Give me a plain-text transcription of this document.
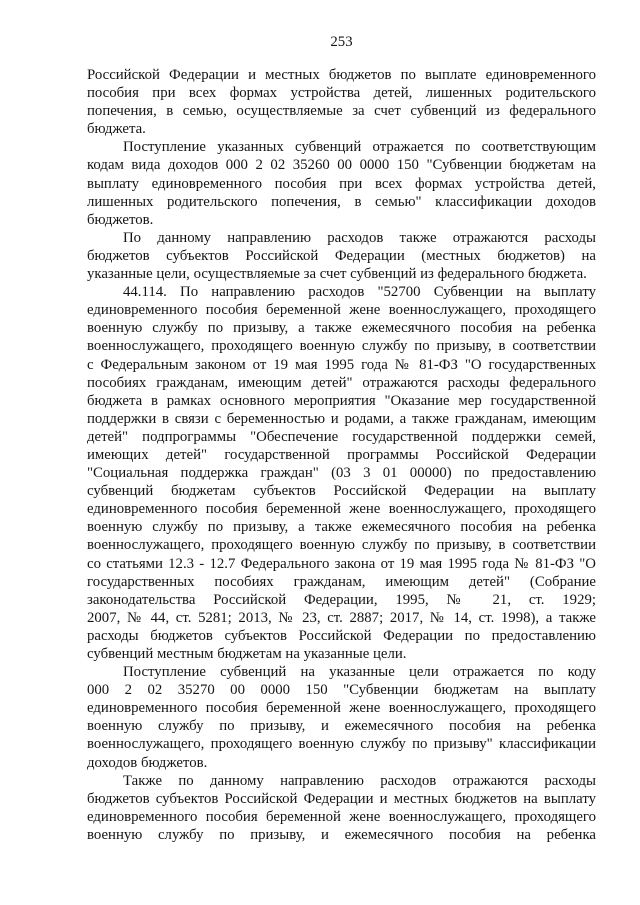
253
Российской Федерации и местных бюджетов по выплате единовременного
пособия при всех формах устройства детей, лишенных родительского
попечения, в семью, осуществляемые за счет субвенций из федерального
бюджета.
Поступление указанных субвенций отражается по соответствующим
кодам вида доходов 000 2 02 35260 00 0000 150 "Субвенции бюджетам на
выплату единовременного пособия при всех формах устройства детей,
лишенных родительского попечения, в семью" классификации доходов
бюджетов.
По данному направлению расходов также отражаются расходы
бюджетов субъектов Российской Федерации (местных бюджетов) на
указанные цели, осуществляемые за счет субвенций из федерального бюджета.
44.114. По направлению расходов "52700 Субвенции на выплату
единовременного пособия беременной жене военнослужащего, проходящего
военную службу по призыву, а также ежемесячного пособия на ребенка
военнослужащего, проходящего военную службу по призыву, в соответствии
с Федеральным законом от 19 мая 1995 года № 81-ФЗ "О государственных
пособиях гражданам, имеющим детей" отражаются расходы федерального
бюджета в рамках основного мероприятия "Оказание мер государственной
поддержки в связи с беременностью и родами, а также гражданам, имеющим
детей" подпрограммы "Обеспечение государственной поддержки семей,
имеющих детей" государственной программы Российской Федерации
"Социальная поддержка граждан" (03 3 01 00000) по предоставлению
субвенций бюджетам субъектов Российской Федерации на выплату
единовременного пособия беременной жене военнослужащего, проходящего
военную службу по призыву, а также ежемесячного пособия на ребенка
военнослужащего, проходящего военную службу по призыву, в соответствии
со статьями 12.3 - 12.7 Федерального закона от 19 мая 1995 года № 81-ФЗ "О
государственных пособиях гражданам, имеющим детей" (Собрание
законодательства Российской Федерации, 1995, № 21, ст. 1929;
2007, № 44, ст. 5281; 2013, № 23, ст. 2887; 2017, № 14, ст. 1998), а также
расходы бюджетов субъектов Российской Федерации по предоставлению
субвенций местным бюджетам на указанные цели.
Поступление субвенций на указанные цели отражается по коду
000 2 02 35270 00 0000 150 "Субвенции бюджетам на выплату
единовременного пособия беременной жене военнослужащего, проходящего
военную службу по призыву, и ежемесячного пособия на ребенка
военнослужащего, проходящего военную службу по призыву" классификации
доходов бюджетов.
Также по данному направлению расходов отражаются расходы
бюджетов субъектов Российской Федерации и местных бюджетов на выплату
единовременного пособия беременной жене военнослужащего, проходящего
военную службу по призыву, и ежемесячного пособия на ребенка
